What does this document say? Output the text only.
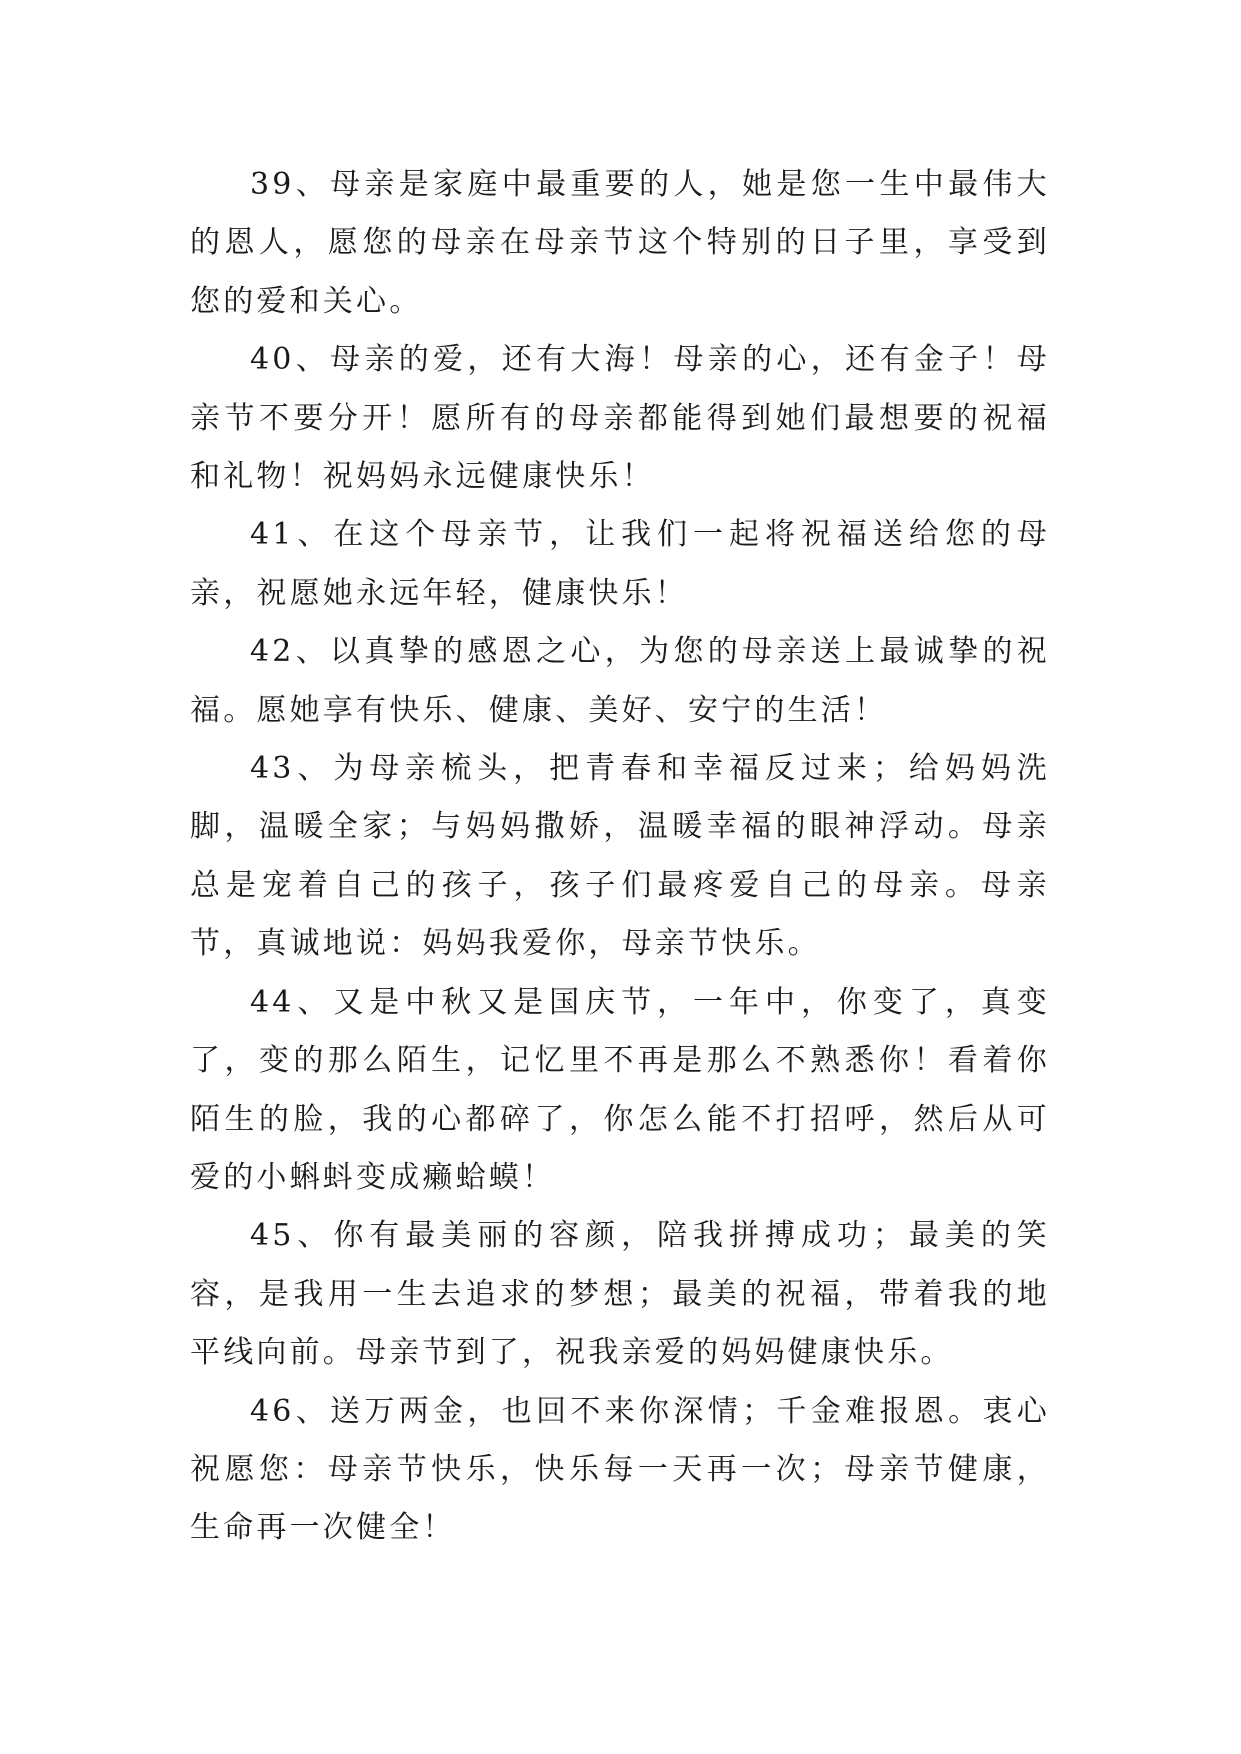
39、母亲是家庭中最重要的人，她是您一生中最伟大的恩人，愿您的母亲在母亲节这个特别的日子里，享受到您的爱和关心。

40、母亲的爱，还有大海！母亲的心，还有金子！母亲节不要分开！愿所有的母亲都能得到她们最想要的祝福和礼物！祝妈妈永远健康快乐！

41、在这个母亲节，让我们一起将祝福送给您的母亲，祝愿她永远年轻，健康快乐！

42、以真挚的感恩之心，为您的母亲送上最诚挚的祝福。愿她享有快乐、健康、美好、安宁的生活！

43、为母亲梳头，把青春和幸福反过来；给妈妈洗脚，温暖全家；与妈妈撒娇，温暖幸福的眼神浮动。母亲总是宠着自己的孩子，孩子们最疼爱自己的母亲。母亲节，真诚地说：妈妈我爱你，母亲节快乐。

44、又是中秋又是国庆节，一年中，你变了，真变了，变的那么陌生，记忆里不再是那么不熟悉你！看着你陌生的脸，我的心都碎了，你怎么能不打招呼，然后从可爱的小蝌蚪变成癞蛤蟆！

45、你有最美丽的容颜，陪我拼搏成功；最美的笑容，是我用一生去追求的梦想；最美的祝福，带着我的地平线向前。母亲节到了，祝我亲爱的妈妈健康快乐。

46、送万两金，也回不来你深情；千金难报恩。衷心祝愿您：母亲节快乐，快乐每一天再一次；母亲节健康，生命再一次健全！
